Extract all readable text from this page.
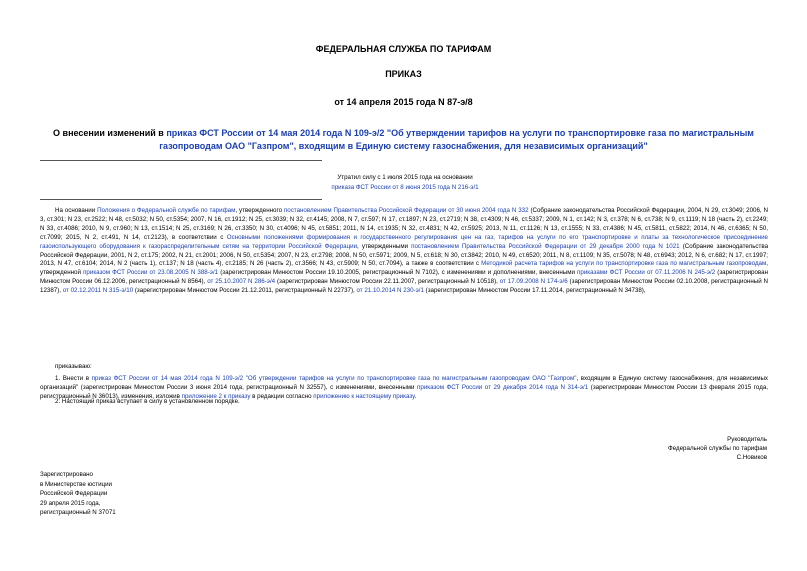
ФЕДЕРАЛЬНАЯ СЛУЖБА ПО ТАРИФАМ
ПРИКАЗ
от 14 апреля 2015 года N 87-э/8
О внесении изменений в приказ ФСТ России от 14 мая 2014 года N 109-э/2 "Об утверждении тарифов на услуги по транспортировке газа по магистральным газопроводам ОАО "Газпром", входящим в Единую систему газоснабжения, для независимых организаций"
Утратил силу с 1 июля 2015 года на основании
приказа ФСТ России от 8 июня 2015 года N 216-э/1
На основании Положения о Федеральной службе по тарифам, утвержденного постановлением Правительства Российской Федерации от 30 июня 2004 года N 332 (Собрание законодательства Российской Федерации, 2004, N 29, ст.3049; 2006, N 3, ст.301; N 23, ст.2522; N 48, ст.5032; N 50, ст.5354; 2007, N 16, ст.1912; N 25, ст.3039; N 32, ст.4145; 2008, N 7, ст.597; N 17, ст.1897; N 23, ст.2719; N 38, ст.4309; N 46, ст.5337; 2009, N 1, ст.142; N 3, ст.378; N 6, ст.738; N 9, ст.1119; N 18 (часть 2), ст.2249; N 33, ст.4086; 2010, N 9, ст.960; N 13, ст.1514; N 25, ст.3169; N 26, ст.3350; N 30, ст.4096; N 45, ст.5851; 2011, N 14, ст.1935; N 32, ст.4831; N 42, ст.5925; 2013, N 11, ст.1126; N 13, ст.1555; N 33, ст.4386; N 45, ст.5811, ст.5822; 2014, N 46, ст.6365; N 50, ст.7099; 2015, N 2, ст.491, N 14, ст.2123), в соответствии с Основными положениями формирования и государственного регулирования цен на газ, тарифов на услуги по его транспортировке и платы за технологическое присоединение газоиспользующего оборудования к газораспределительным сетям на территории Российской Федерации, утвержденными постановлением Правительства Российской Федерации от 29 декабря 2000 года N 1021 (Собрание законодательства Российской Федерации, 2001, N 2, ст.175; 2002, N 21, ст.2001; 2006, N 50, ст.5354; 2007, N 23, ст.2798; 2008, N 50, ст.5971; 2009, N 5, ст.618; N 30, ст.3842; 2010, N 49, ст.6520; 2011, N 8, ст.1109; N 35, ст.5078; N 48, ст.6943; 2012, N 6, ст.682; N 17, ст.1997; 2013, N 47, ст.6104; 2014, N 2 (часть 1), ст.137; N 18 (часть 4), ст.2185; N 26 (часть 2), ст.3566; N 43, ст.5909; N 50, ст.7094), а также в соответствии с Методикой расчета тарифов на услуги по транспортировке газа по магистральным газопроводам, утвержденной приказом ФСТ России от 23.08.2005 N 388-э/1 (зарегистрирован Минюстом России 19.10.2005, регистрационный N 7102), с изменениями и дополнениями, внесенными приказами ФСТ России от 07.11.2006 N 245-э/2 (зарегистрирован Минюстом России 06.12.2006, регистрационный N 8564), от 25.10.2007 N 286-э/4 (зарегистрирован Минюстом России 22.11.2007, регистрационный N 10518), от 17.09.2008 N 174-э/6 (зарегистрирован Минюстом России 02.10.2008, регистрационный N 12387), от 02.12.2011 N 315-э/10 (зарегистрирован Минюстом России 21.12.2011, регистрационный N 22737), от 21.10.2014 N 230-э/1 (зарегистрирован Минюстом России 17.11.2014, регистрационный N 34738),
приказываю:
1. Внести в приказ ФСТ России от 14 мая 2014 года N 109-э/2 "Об утверждении тарифов на услуги по транспортировке газа по магистральным газопроводам ОАО "Газпром", входящим в Единую систему газоснабжения, для независимых организаций" (зарегистрирован Минюстом России 3 июня 2014 года, регистрационный N 32557), с изменениями, внесенными приказом ФСТ России от 29 декабря 2014 года N 314-э/1 (зарегистрирован Минюстом России 13 февраля 2015 года, регистрационный N 36013), изменения, изложив приложение 2 к приказу в редакции согласно приложению к настоящему приказу.
2. Настоящий приказ вступает в силу в установленном порядке.
Руководитель
Федеральной службы по тарифам
С.Новиков
Зарегистрировано
в Министерстве юстиции
Российской Федерации
29 апреля 2015 года,
регистрационный N 37071
